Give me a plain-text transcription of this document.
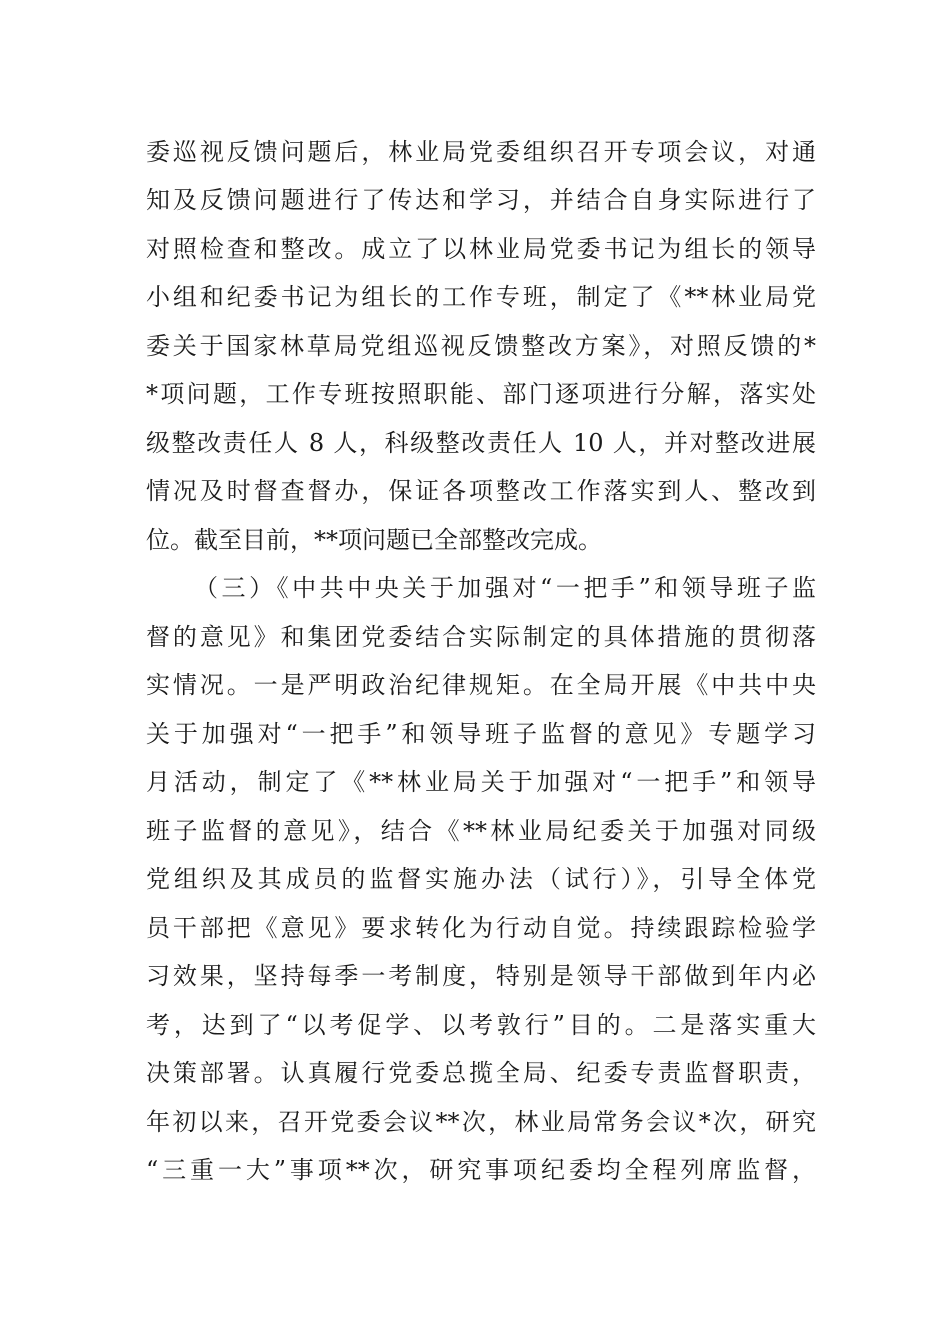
委巡视反馈问题后，林业局党委组织召开专项会议，对通
知及反馈问题进行了传达和学习，并结合自身实际进行了
对照检查和整改。成立了以林业局党委书记为组长的领导
小组和纪委书记为组长的工作专班，制定了《**林业局党
委关于国家林草局党组巡视反馈整改方案》，对照反馈的*
*项问题，工作专班按照职能、部门逐项进行分解，落实处
级整改责任人 8 人，科级整改责任人 10 人，并对整改进展
情况及时督查督办，保证各项整改工作落实到人、整改到
位。截至目前，**项问题已全部整改完成。
（三）《中共中央关于加强对“一把手”和领导班子监
督的意见》和集团党委结合实际制定的具体措施的贯彻落
实情况。一是严明政治纪律规矩。在全局开展《中共中央
关于加强对“一把手”和领导班子监督的意见》专题学习
月活动，制定了《**林业局关于加强对“一把手”和领导
班子监督的意见》，结合《**林业局纪委关于加强对同级
党组织及其成员的监督实施办法（试行）》，引导全体党
员干部把《意见》要求转化为行动自觉。持续跟踪检验学
习效果，坚持每季一考制度，特别是领导干部做到年内必
考，达到了“以考促学、以考敦行”目的。二是落实重大
决策部署。认真履行党委总揽全局、纪委专责监督职责，
年初以来，召开党委会议**次，林业局常务会议*次，研究
“三重一大”事项**次，研究事项纪委均全程列席监督，
